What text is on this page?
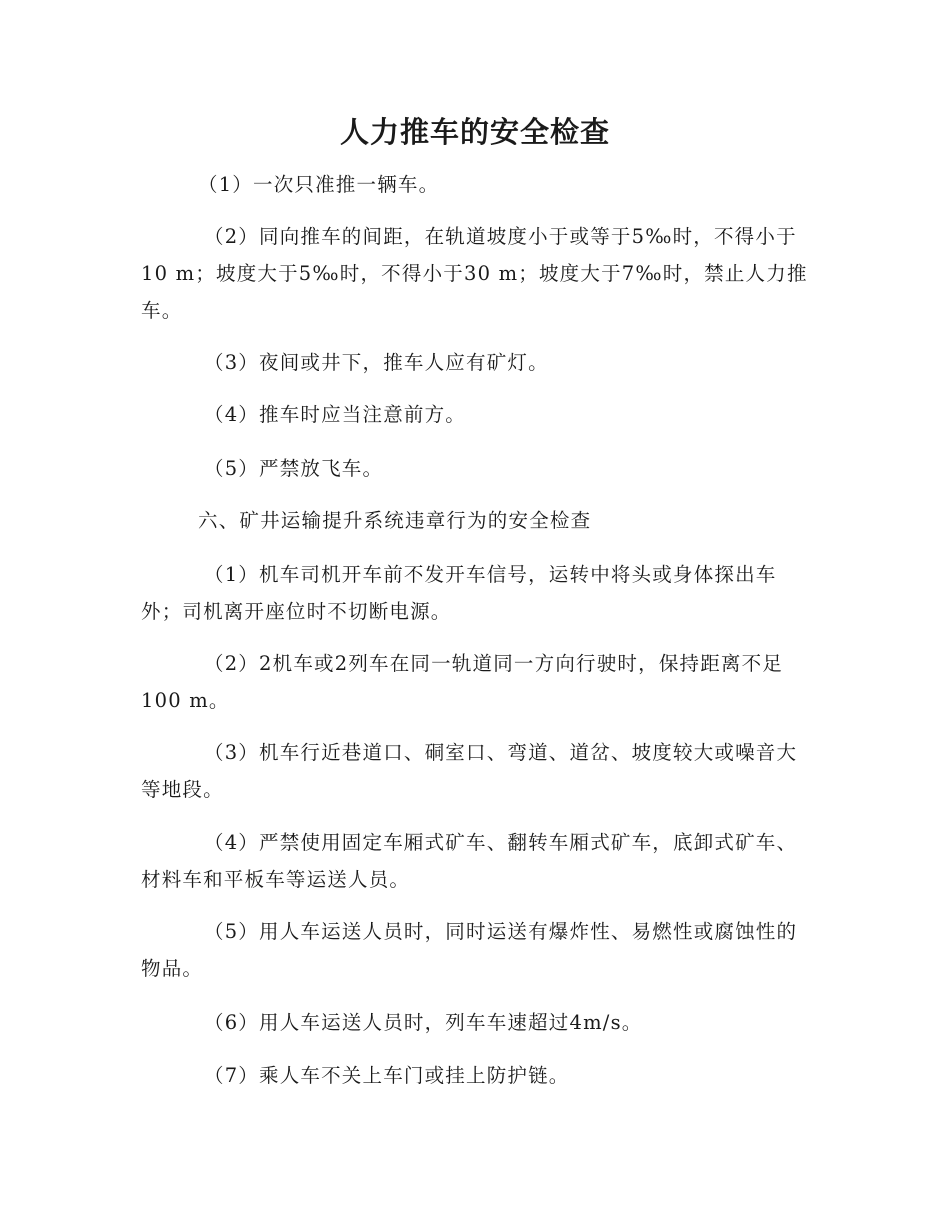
人力推车的安全检查

（1）一次只准推一辆车。

（2）同向推车的间距，在轨道坡度小于或等于5‰时，不得小于10 m；坡度大于5‰时，不得小于30 m；坡度大于7‰时，禁止人力推车。

（3）夜间或井下，推车人应有矿灯。

（4）推车时应当注意前方。

（5）严禁放飞车。

六、矿井运输提升系统违章行为的安全检查

（1）机车司机开车前不发开车信号，运转中将头或身体探出车外；司机离开座位时不切断电源。

（2）2机车或2列车在同一轨道同一方向行驶时，保持距离不足100 m。

（3）机车行近巷道口、硐室口、弯道、道岔、坡度较大或噪音大等地段。

（4）严禁使用固定车厢式矿车、翻转车厢式矿车，底卸式矿车、材料车和平板车等运送人员。

（5）用人车运送人员时，同时运送有爆炸性、易燃性或腐蚀性的物品。

（6）用人车运送人员时，列车车速超过4m/s。

（7）乘人车不关上车门或挂上防护链。
